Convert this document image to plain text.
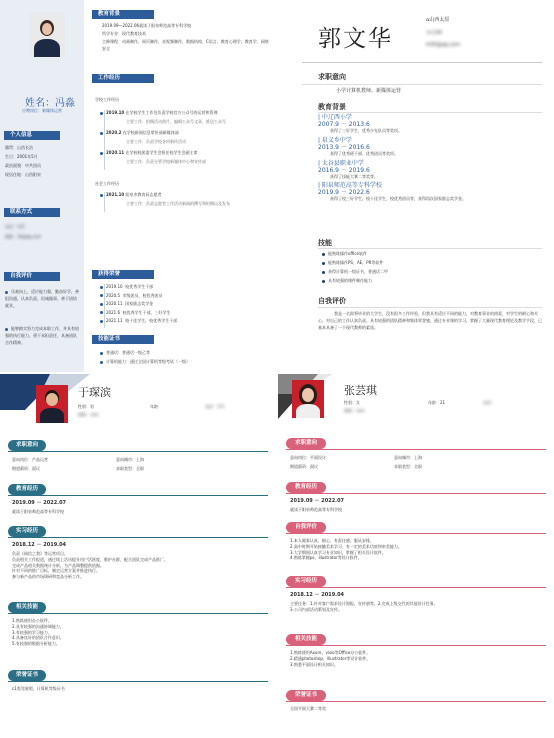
姓名：冯淼
应聘岗位：新媒体运营
个人信息
籍贯：山西长治
生日：2001年5月
政治面貌：中共团员
现居住地：山西阳泉
联系方式
电话：132
邮箱：34@qq.com
自我评价
乐观向上，适应能力强，勤奋好学，善组沟通，认真负责，坦诚做事，善于团结就业。
能够踏实努力完成本职工作，并具有较强的执行能力，勇于承担责任，具备团队合作精神。
教育背景
2019.09—2022.06就读于阳泉师范高等专科学校
所学专业：现代教育技术
主修课程：动画制作，网页制作，音视频制作，数据结构，C语言，教育心理学，教育学，网络安全
工作经历
学校工作经历
2019.10 在学校学生工作处负责学校官方公众号的运营和管理
主要工作：拍摄活动照片，编辑公众号文章，推送公众号
2020.2 在学校新闻信息掌传部新媒体部
主要工作：负责学校各项新传活动
2020.11 在学校校团委学生会担任校学生会副主席
主要工作：负责分管学校新媒体中心和宣传部
社会工作经历
2021.10 阳泉市教育局志愿者
主要工作：负责志愿者工作活动新闻的撰写和拍摄以及发布
获得荣誉
2019.10 校优秀学生干部
2020.5 市级团员，校优秀团员
2020.11 国家励志奖学金
2021.6 校优秀学生干部，三好学生
2021.11 校十佳学生，校优秀学生干部
技能证书
普通话：普通话一级乙等
计算机能力：通过全国计算机等级考试（一级）
郭文华
⌂山西太原
☏134
✉30@qq.com
求职意向
小学计算机教师、新媒体运营
教育背景
| 中辽西小学
2007.9 － 2013.6
获得了三好学生，优秀少先队员等奖项。
| 泉义乡中学
2013.9 － 2016.6
获得了优秀班干部，优秀团员等奖项。
| 太谷县职业中学
2016.9 － 2019.6
获得了技能大赛二等奖等。
| 阳泉师范高等专科学校
2019.9 － 2022.6
获得了校三好学生，校十佳学生，校优秀团员等，获得再次国家励志奖学金。
技能
能熟练操作office软件
能熟练操作PS，AE，PR等软件
获得计算机一级证书，普通话二甲
具有较强的课件制作能力
自我评价
我是一名即将毕业的大学生，没有很多工作经验，但我具有适应不同的能力，对教育事业的热爱，对学生的耐心和关心，对自己的工作认真负责。具有较强的团队精神和集体荣誉感，通过专业课的学习，掌握了大量现代教育理论及教学手段，已基本具备了一个现代教师的素质。
于琛滨
性别：男	年龄：	电话：171
邮箱：com
求职意向
意向岗位：产品运营	意向城市：上海
期望薪资：面议	求职类型：全职
教育经历
2019.09 － 2022.07
就读于阳泉师范高等专科学校
实习经历
2018.12 － 2019.04
负责《网信之我》等运营项目。
负责相关工作报道，通过线上活动提升用户活跃度，维护社群，配合团队完成产品推广。
完成产品相关数据统计分析，为产品调整提供依据。
针对不同的推广目标，制定运营方案并推进执行。
参与新产品的市场调研和竞品分析工作。
相关技能
1.熟练使用办公软件，
2.具有较强的沟通协调能力，
3.有较强的学习能力，
4.具备良好的团队合作意识，
5.有较强的数据分析能力。
荣誉证书
c1类驾驶照，计算机等级证书
张芸琪
性别：女	年龄：21	电话：
邮箱：com
求职意向
意向岗位：平面设计	意向城市：上海
期望薪资：面议	求职类型：全职
教育经历
2019.09 － 2022.07
就读于阳泉师范高等专科学校
自我评价
1.本人做事认真，细心，有责任感，服从安排。
2.高中时期开始接触美术学习，有一定的美术功底和审美能力。
3.大学期间认真学习专业知识，掌握了相关设计软件。
4.熟练掌握ps，illustrator等设计软件。
实习经历
2018.12 － 2019.04
主要任务：1.针对客户需求设计海报，宣传册等。2.完成上级交代的其他设计任务。
3.公司内部活动策划及宣传。
相关技能
1.熟练使用Axure，visio等Office办公软件。
2.精通photoshop，illustrator等设计软件。
3.熟悉平面设计相关知识。
荣誉证书
全国平面大赛二等奖
